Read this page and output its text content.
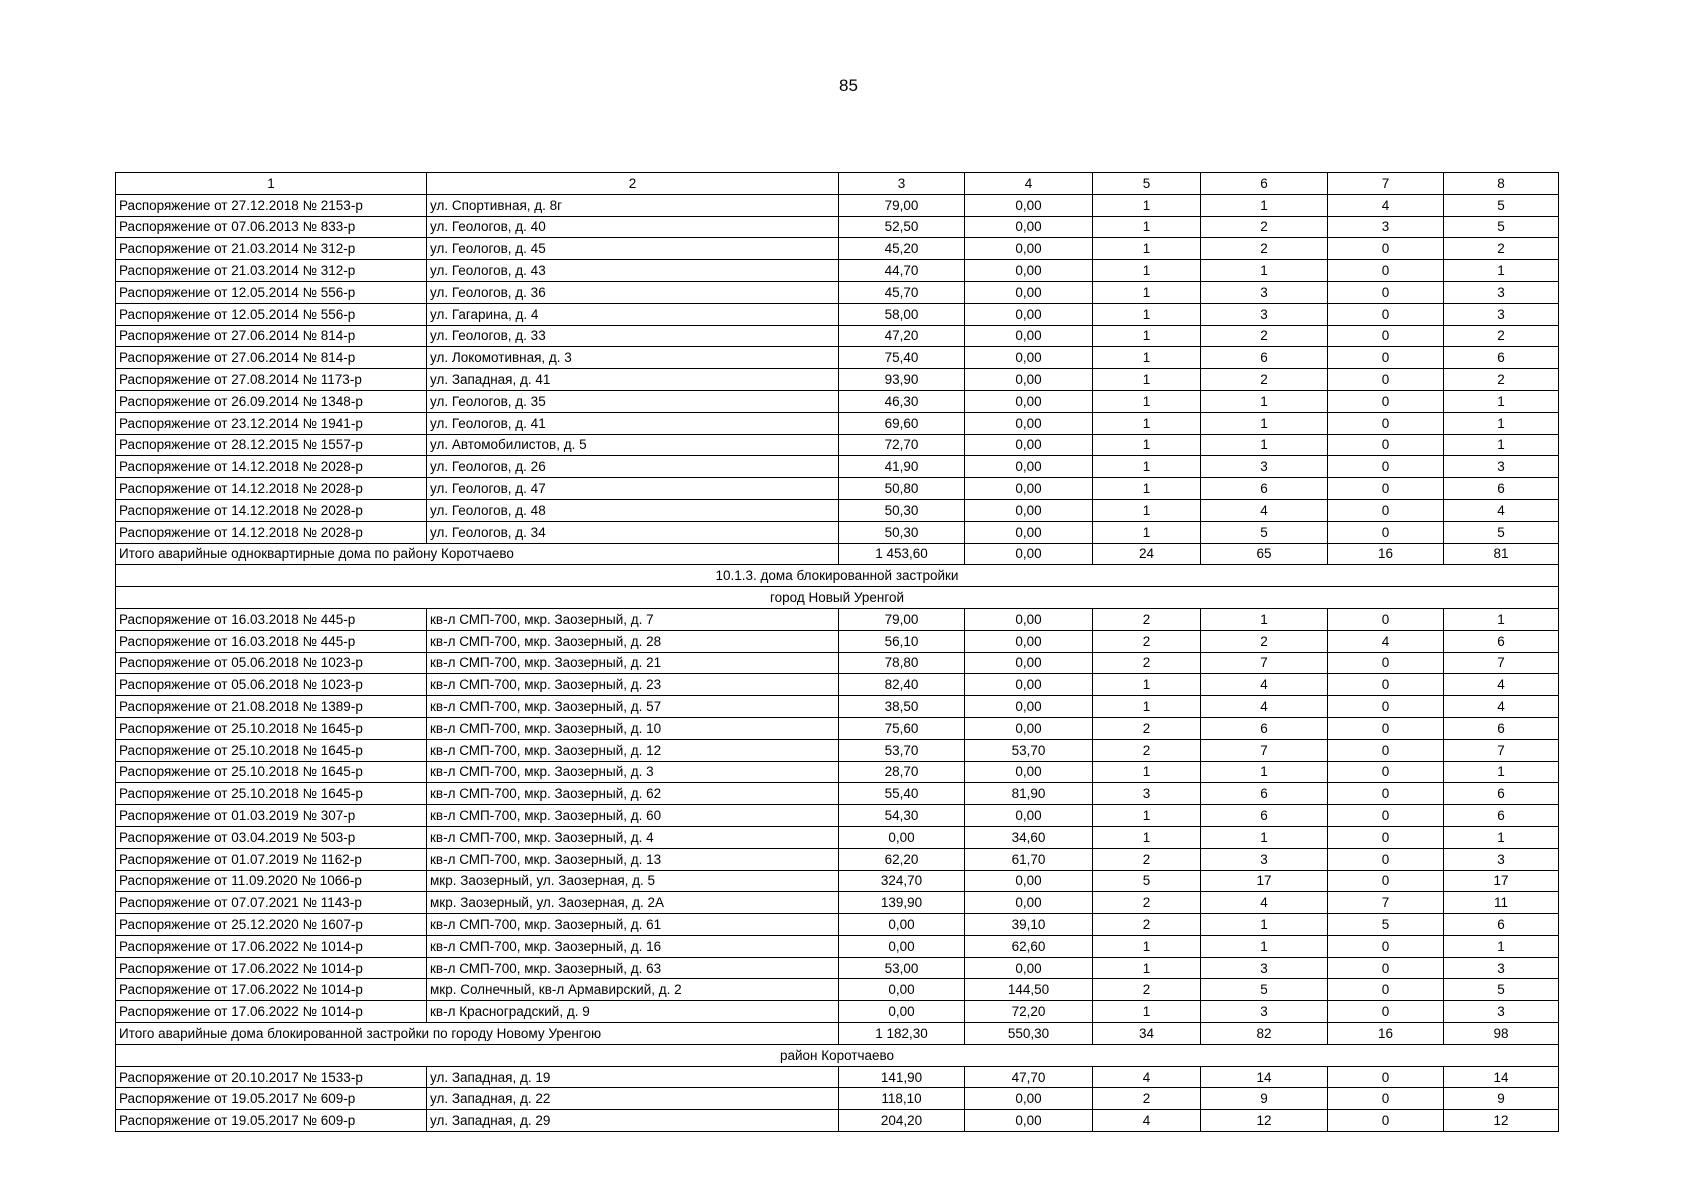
85
1	2	3	4	5	6	7	8
Распоряжение от 27.12.2018 № 2153-р	ул. Спортивная, д. 8г	79,00	0,00	1	1	4	5
Распоряжение от 07.06.2013 № 833-р	ул. Геологов, д. 40	52,50	0,00	1	2	3	5
Распоряжение от 21.03.2014 № 312-р	ул. Геологов, д. 45	45,20	0,00	1	2	0	2
Распоряжение от 21.03.2014 № 312-р	ул. Геологов, д. 43	44,70	0,00	1	1	0	1
Распоряжение от 12.05.2014 № 556-р	ул. Геологов, д. 36	45,70	0,00	1	3	0	3
Распоряжение от 12.05.2014 № 556-р	ул. Гагарина, д. 4	58,00	0,00	1	3	0	3
Распоряжение от 27.06.2014 № 814-р	ул. Геологов, д. 33	47,20	0,00	1	2	0	2
Распоряжение от 27.06.2014 № 814-р	ул. Локомотивная, д. 3	75,40	0,00	1	6	0	6
Распоряжение от 27.08.2014 № 1173-р	ул. Западная, д. 41	93,90	0,00	1	2	0	2
Распоряжение от 26.09.2014 № 1348-р	ул. Геологов, д. 35	46,30	0,00	1	1	0	1
Распоряжение от 23.12.2014 № 1941-р	ул. Геологов, д. 41	69,60	0,00	1	1	0	1
Распоряжение от 28.12.2015 № 1557-р	ул. Автомобилистов, д. 5	72,70	0,00	1	1	0	1
Распоряжение от 14.12.2018 № 2028-р	ул. Геологов, д. 26	41,90	0,00	1	3	0	3
Распоряжение от 14.12.2018 № 2028-р	ул. Геологов, д. 47	50,80	0,00	1	6	0	6
Распоряжение от 14.12.2018 № 2028-р	ул. Геологов, д. 48	50,30	0,00	1	4	0	4
Распоряжение от 14.12.2018 № 2028-р	ул. Геологов, д. 34	50,30	0,00	1	5	0	5
Итого аварийные одноквартирные дома по району Коротчаево		1 453,60	0,00	24	65	16	81
10.1.3. дома блокированной застройки							
город Новый Уренгой							
Распоряжение от 16.03.2018 № 445-р	кв-л СМП-700, мкр. Заозерный, д. 7	79,00	0,00	2	1	0	1
Распоряжение от 16.03.2018 № 445-р	кв-л СМП-700, мкр. Заозерный, д. 28	56,10	0,00	2	2	4	6
Распоряжение от 05.06.2018 № 1023-р	кв-л СМП-700, мкр. Заозерный, д. 21	78,80	0,00	2	7	0	7
Распоряжение от 05.06.2018 № 1023-р	кв-л СМП-700, мкр. Заозерный, д. 23	82,40	0,00	1	4	0	4
Распоряжение от 21.08.2018 № 1389-р	кв-л СМП-700, мкр. Заозерный, д. 57	38,50	0,00	1	4	0	4
Распоряжение от 25.10.2018 № 1645-р	кв-л СМП-700, мкр. Заозерный, д. 10	75,60	0,00	2	6	0	6
Распоряжение от 25.10.2018 № 1645-р	кв-л СМП-700, мкр. Заозерный, д. 12	53,70	53,70	2	7	0	7
Распоряжение от 25.10.2018 № 1645-р	кв-л СМП-700, мкр. Заозерный, д. 3	28,70	0,00	1	1	0	1
Распоряжение от 25.10.2018 № 1645-р	кв-л СМП-700, мкр. Заозерный, д. 62	55,40	81,90	3	6	0	6
Распоряжение от 01.03.2019 № 307-р	кв-л СМП-700, мкр. Заозерный, д. 60	54,30	0,00	1	6	0	6
Распоряжение от 03.04.2019 № 503-р	кв-л СМП-700, мкр. Заозерный, д. 4	0,00	34,60	1	1	0	1
Распоряжение от 01.07.2019 № 1162-р	кв-л СМП-700, мкр. Заозерный, д. 13	62,20	61,70	2	3	0	3
Распоряжение от 11.09.2020 № 1066-р	мкр. Заозерный, ул. Заозерная, д. 5	324,70	0,00	5	17	0	17
Распоряжение от 07.07.2021 № 1143-р	мкр. Заозерный, ул. Заозерная, д. 2А	139,90	0,00	2	4	7	11
Распоряжение от 25.12.2020 № 1607-р	кв-л СМП-700, мкр. Заозерный, д. 61	0,00	39,10	2	1	5	6
Распоряжение от 17.06.2022 № 1014-р	кв-л СМП-700, мкр. Заозерный, д. 16	0,00	62,60	1	1	0	1
Распоряжение от 17.06.2022 № 1014-р	кв-л СМП-700, мкр. Заозерный, д. 63	53,00	0,00	1	3	0	3
Распоряжение от 17.06.2022 № 1014-р	мкр. Солнечный, кв-л Армавирский, д. 2	0,00	144,50	2	5	0	5
Распоряжение от 17.06.2022 № 1014-р	кв-л Красноградский, д. 9	0,00	72,20	1	3	0	3
Итого аварийные дома блокированной застройки по городу Новому Уренгою		1 182,30	550,30	34	82	16	98
район Коротчаево							
Распоряжение от 20.10.2017 № 1533-р	ул. Западная, д. 19	141,90	47,70	4	14	0	14
Распоряжение от 19.05.2017 № 609-р	ул. Западная, д. 22	118,10	0,00	2	9	0	9
Распоряжение от 19.05.2017 № 609-р	ул. Западная, д. 29	204,20	0,00	4	12	0	12
